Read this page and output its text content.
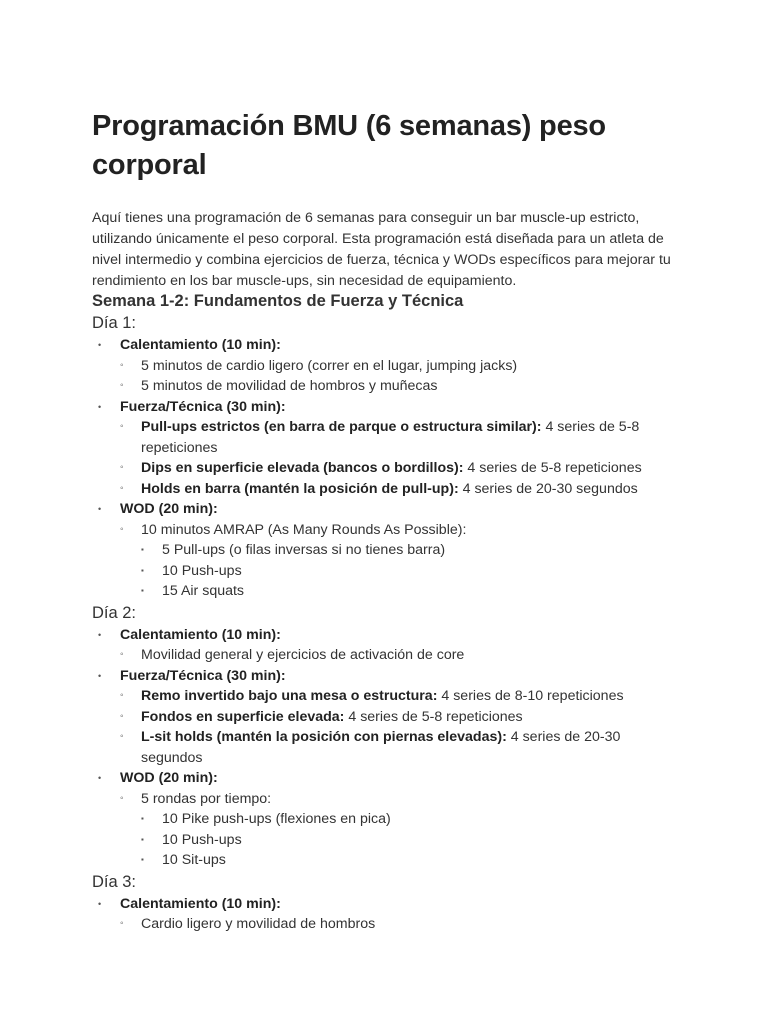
Programación BMU (6 semanas) peso corporal

Aquí tienes una programación de 6 semanas para conseguir un bar muscle-up estricto, utilizando únicamente el peso corporal. Esta programación está diseñada para un atleta de nivel intermedio y combina ejercicios de fuerza, técnica y WODs específicos para mejorar tu rendimiento en los bar muscle-ups, sin necesidad de equipamiento.

Semana 1-2: Fundamentos de Fuerza y Técnica
Día 1:
•	Calentamiento (10 min):
◦	5 minutos de cardio ligero (correr en el lugar, jumping jacks)
◦	5 minutos de movilidad de hombros y muñecas
•	Fuerza/Técnica (30 min):
◦	Pull-ups estrictos (en barra de parque o estructura similar): 4 series de 5-8 repeticiones
◦	Dips en superficie elevada (bancos o bordillos): 4 series de 5-8 repeticiones
◦	Holds en barra (mantén la posición de pull-up): 4 series de 20-30 segundos
•	WOD (20 min):
◦	10 minutos AMRAP (As Many Rounds As Possible):
▪	5 Pull-ups (o filas inversas si no tienes barra)
▪	10 Push-ups
▪	15 Air squats
Día 2:
•	Calentamiento (10 min):
◦	Movilidad general y ejercicios de activación de core
•	Fuerza/Técnica (30 min):
◦	Remo invertido bajo una mesa o estructura: 4 series de 8-10 repeticiones
◦	Fondos en superficie elevada: 4 series de 5-8 repeticiones
◦	L-sit holds (mantén la posición con piernas elevadas): 4 series de 20-30 segundos
•	WOD (20 min):
◦	5 rondas por tiempo:
▪	10 Pike push-ups (flexiones en pica)
▪	10 Push-ups
▪	10 Sit-ups
Día 3:
•	Calentamiento (10 min):
◦	Cardio ligero y movilidad de hombros
